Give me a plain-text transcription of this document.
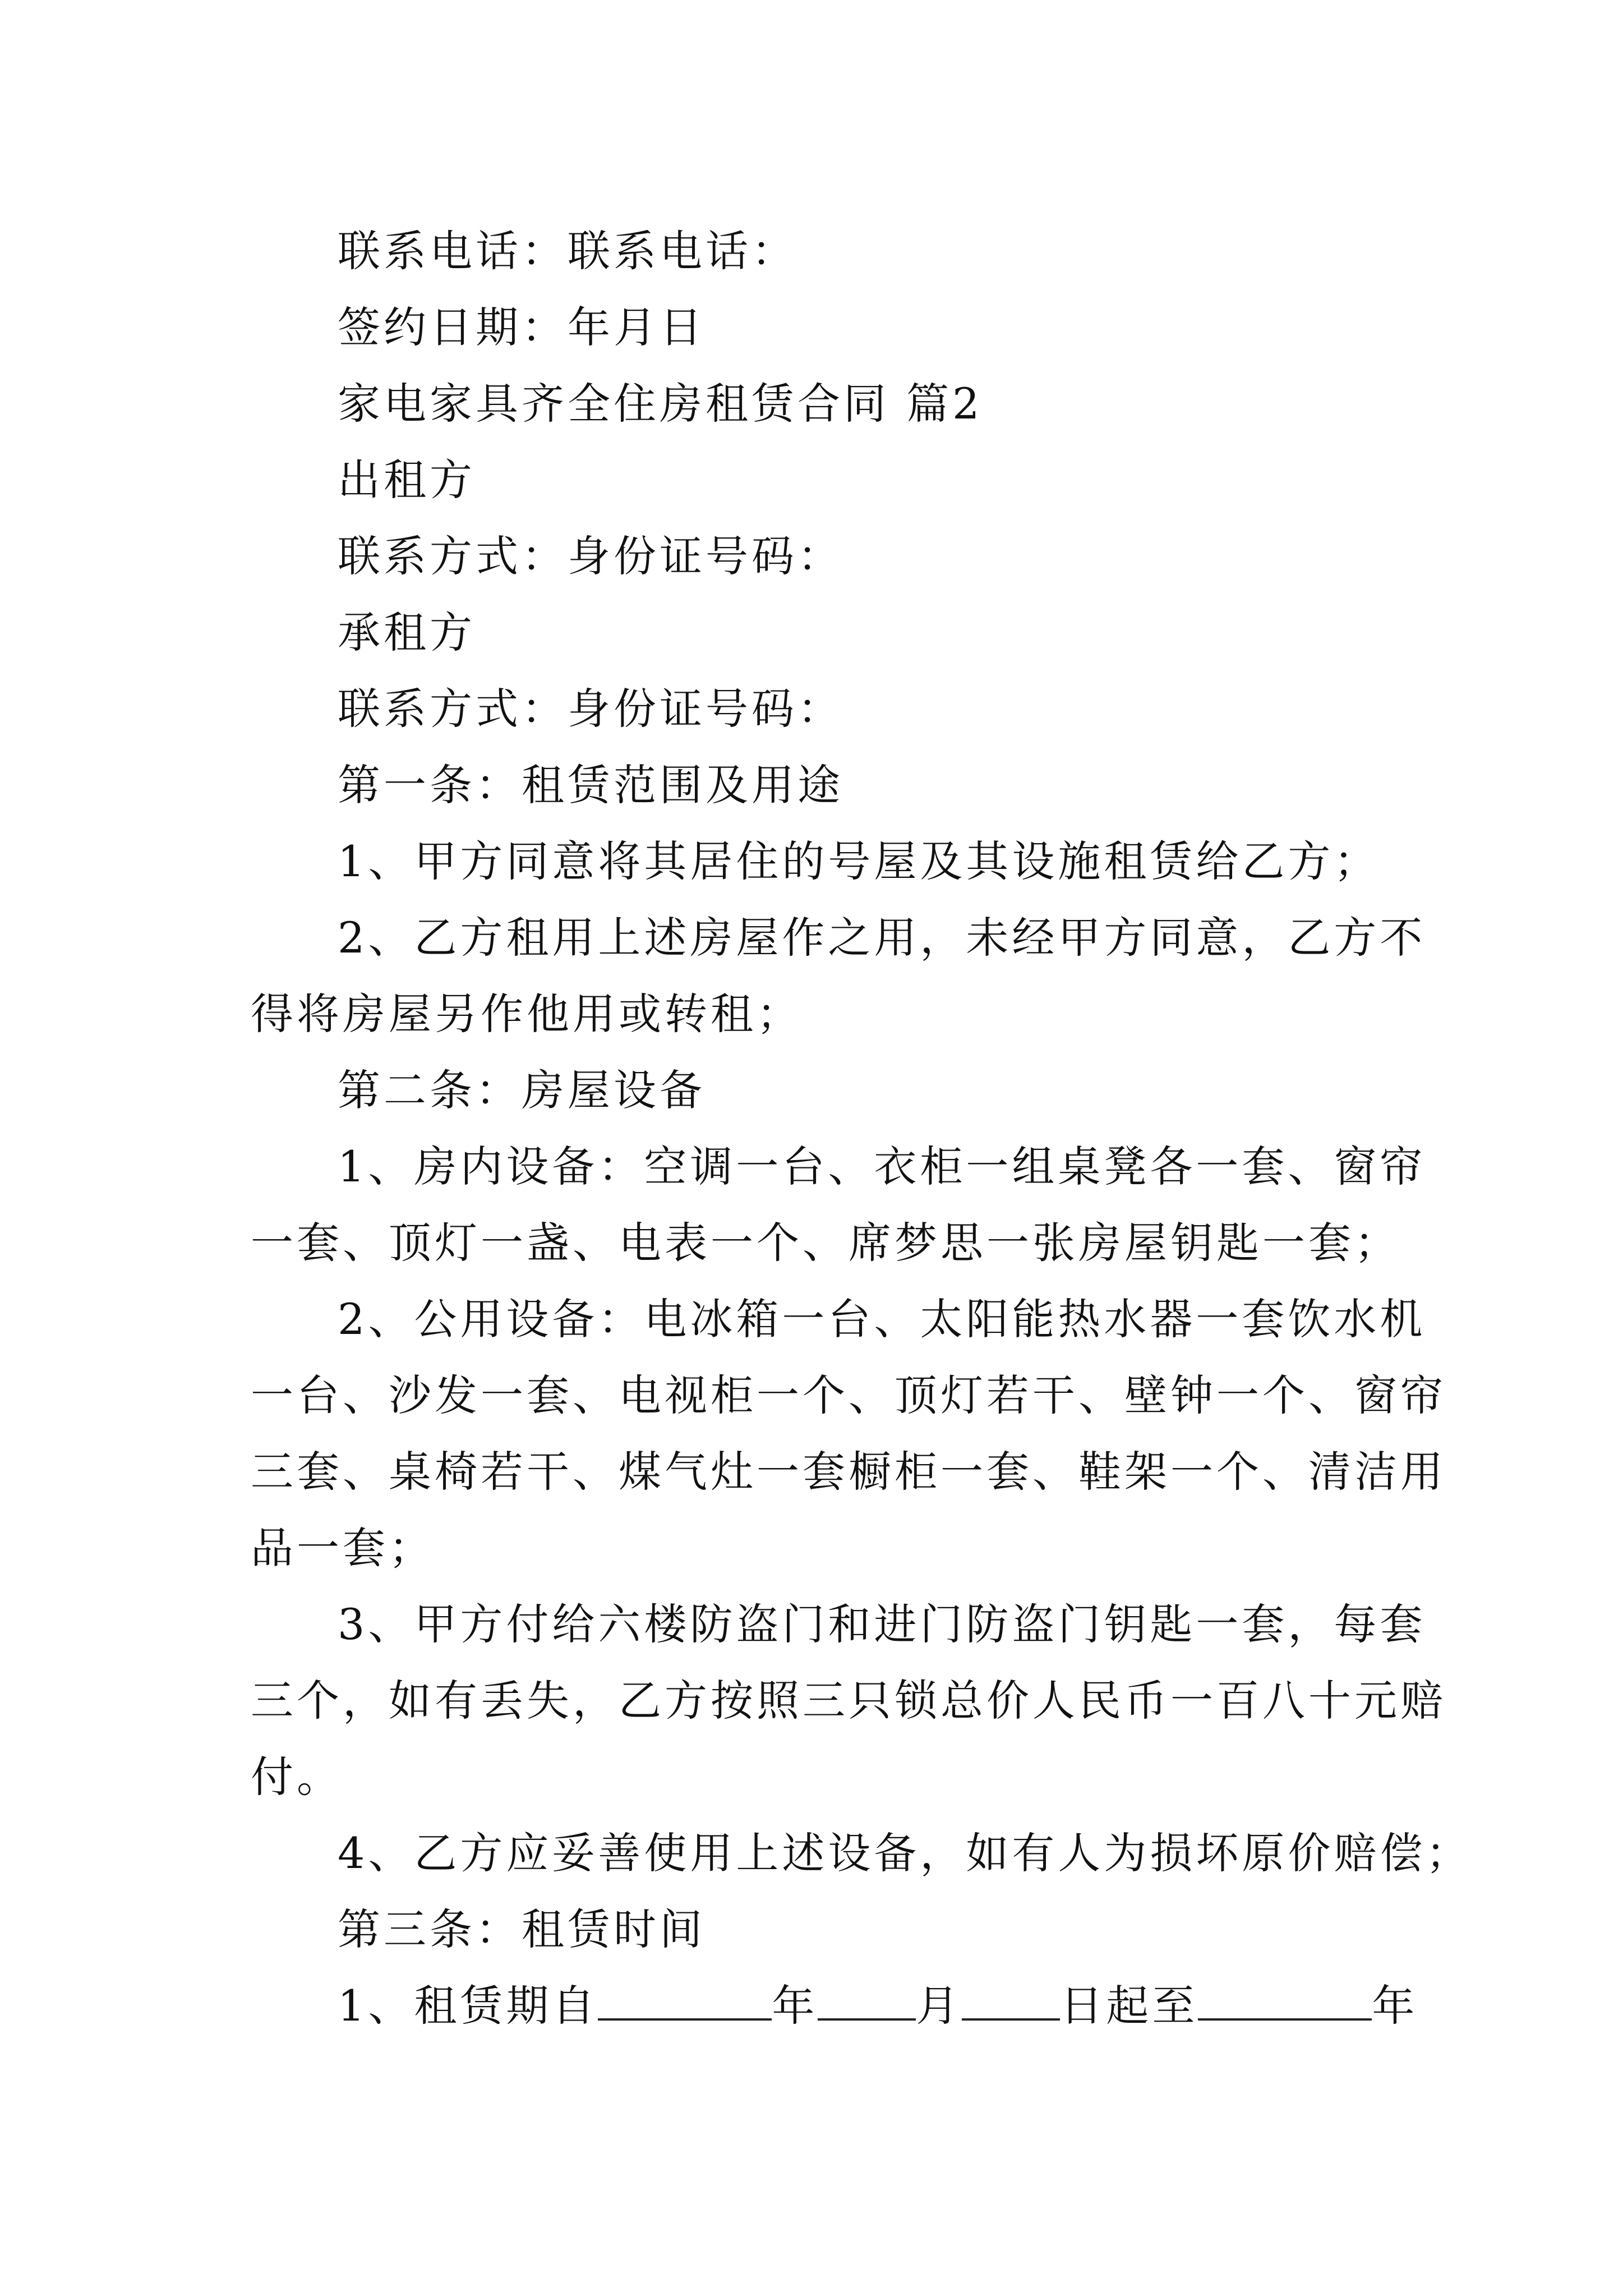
联系电话：联系电话：
签约日期：年月日
家电家具齐全住房租赁合同 篇2
出租方
联系方式：身份证号码：
承租方
联系方式：身份证号码：
第一条：租赁范围及用途
1、甲方同意将其居住的号屋及其设施租赁给乙方；
2、乙方租用上述房屋作之用，未经甲方同意，乙方不
得将房屋另作他用或转租；
第二条：房屋设备
1、房内设备：空调一台、衣柜一组桌凳各一套、窗帘
一套、顶灯一盏、电表一个、席梦思一张房屋钥匙一套；
2、公用设备：电冰箱一台、太阳能热水器一套饮水机
一台、沙发一套、电视柜一个、顶灯若干、壁钟一个、窗帘
三套、桌椅若干、煤气灶一套橱柜一套、鞋架一个、清洁用
品一套；
3、甲方付给六楼防盗门和进门防盗门钥匙一套，每套
三个，如有丢失，乙方按照三只锁总价人民币一百八十元赔
付。
4、乙方应妥善使用上述设备，如有人为损坏原价赔偿；
第三条：租赁时间
1、租赁期自	年 月 日起至	年
